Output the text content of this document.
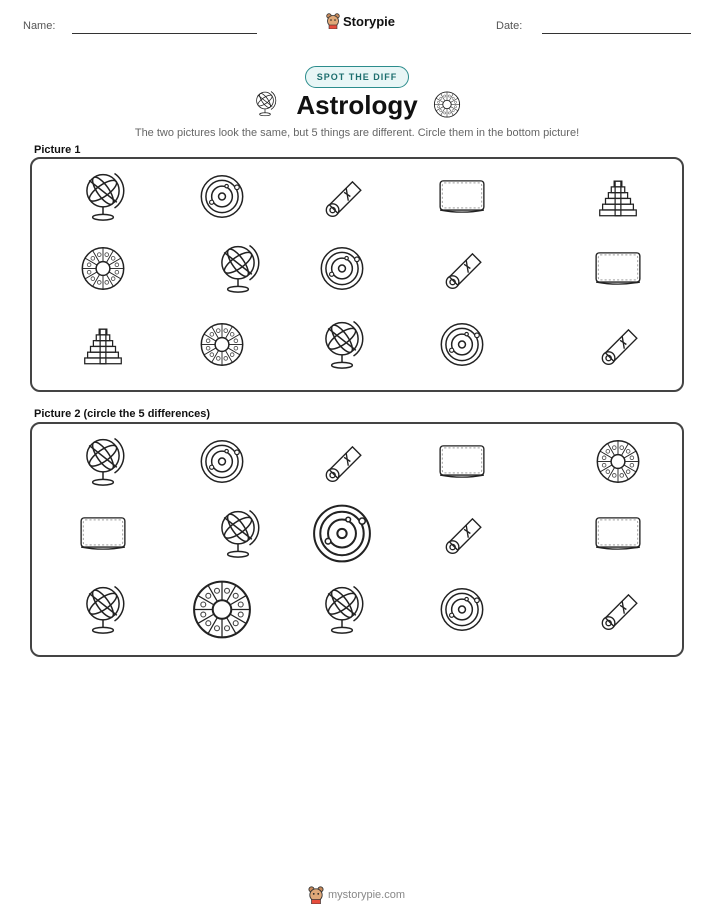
Name:	Storypie	Date:
SPOT THE DIFF
Astrology
The two pictures look the same, but 5 things are different. Circle them in the bottom picture!
Picture 1
Picture 2 (circle the 5 differences)
mystorypie.com
